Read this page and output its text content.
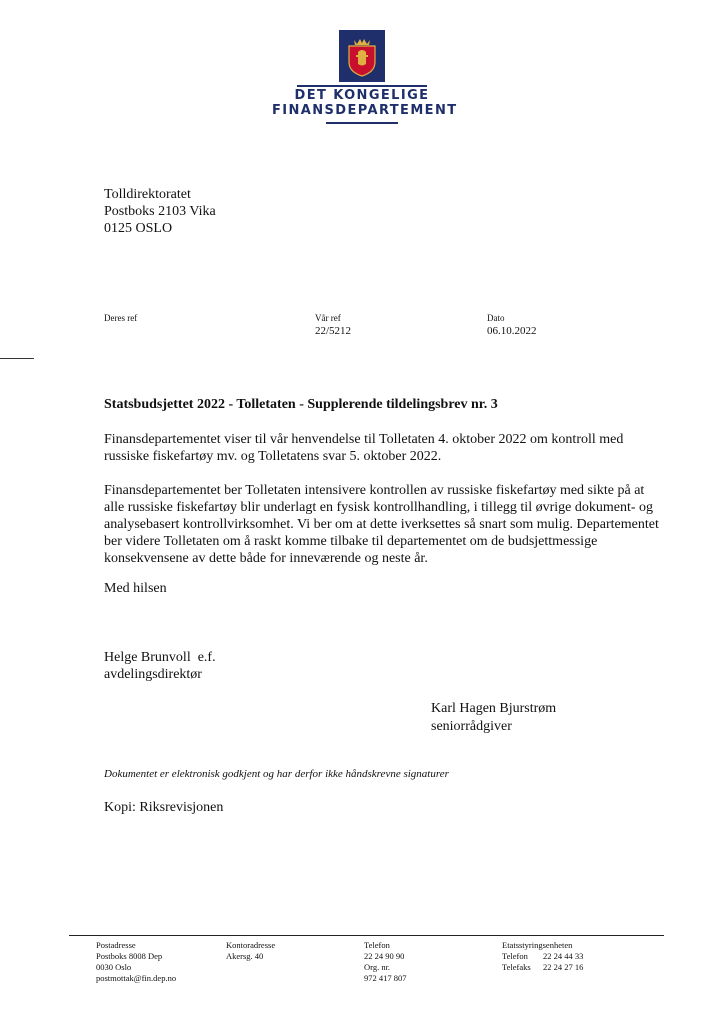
DET KONGELIGE
FINANSDEPARTEMENT
Tolldirektoratet
Postboks 2103 Vika
0125 OSLO
Deres ref	Vår ref
22/5212
Dato
06.10.2022
Statsbudsjettet 2022 - Tolletaten - Supplerende tildelingsbrev nr. 3
Finansdepartementet viser til vår henvendelse til Tolletaten 4. oktober 2022 om kontroll med russiske fiskefartøy mv. og Tolletatens svar 5. oktober 2022.
Finansdepartementet ber Tolletaten intensivere kontrollen av russiske fiskefartøy med sikte på at alle russiske fiskefartøy blir underlagt en fysisk kontrollhandling, i tillegg til øvrige dokument- og analysebasert kontrollvirksomhet. Vi ber om at dette iverksettes så snart som mulig. Departementet ber videre Tolletaten om å raskt komme tilbake til departementet om de budsjettmessige konsekvensene av dette både for inneværende og neste år.
Med hilsen
Helge Brunvoll  e.f.
avdelingsdirektør
Karl Hagen Bjurstrøm
seniorrådgiver
Dokumentet er elektronisk godkjent og har derfor ikke håndskrevne signaturer
Kopi: Riksrevisjonen
Postadresse
Postboks 8008 Dep
0030 Oslo
postmottak@fin.dep.no
Kontoradresse
Akersg. 40
Telefon
22 24 90 90
Org. nr.
972 417 807
Etatsstyringsenheten
Telefon 22 24 44 33
Telefaks 22 24 27 16
